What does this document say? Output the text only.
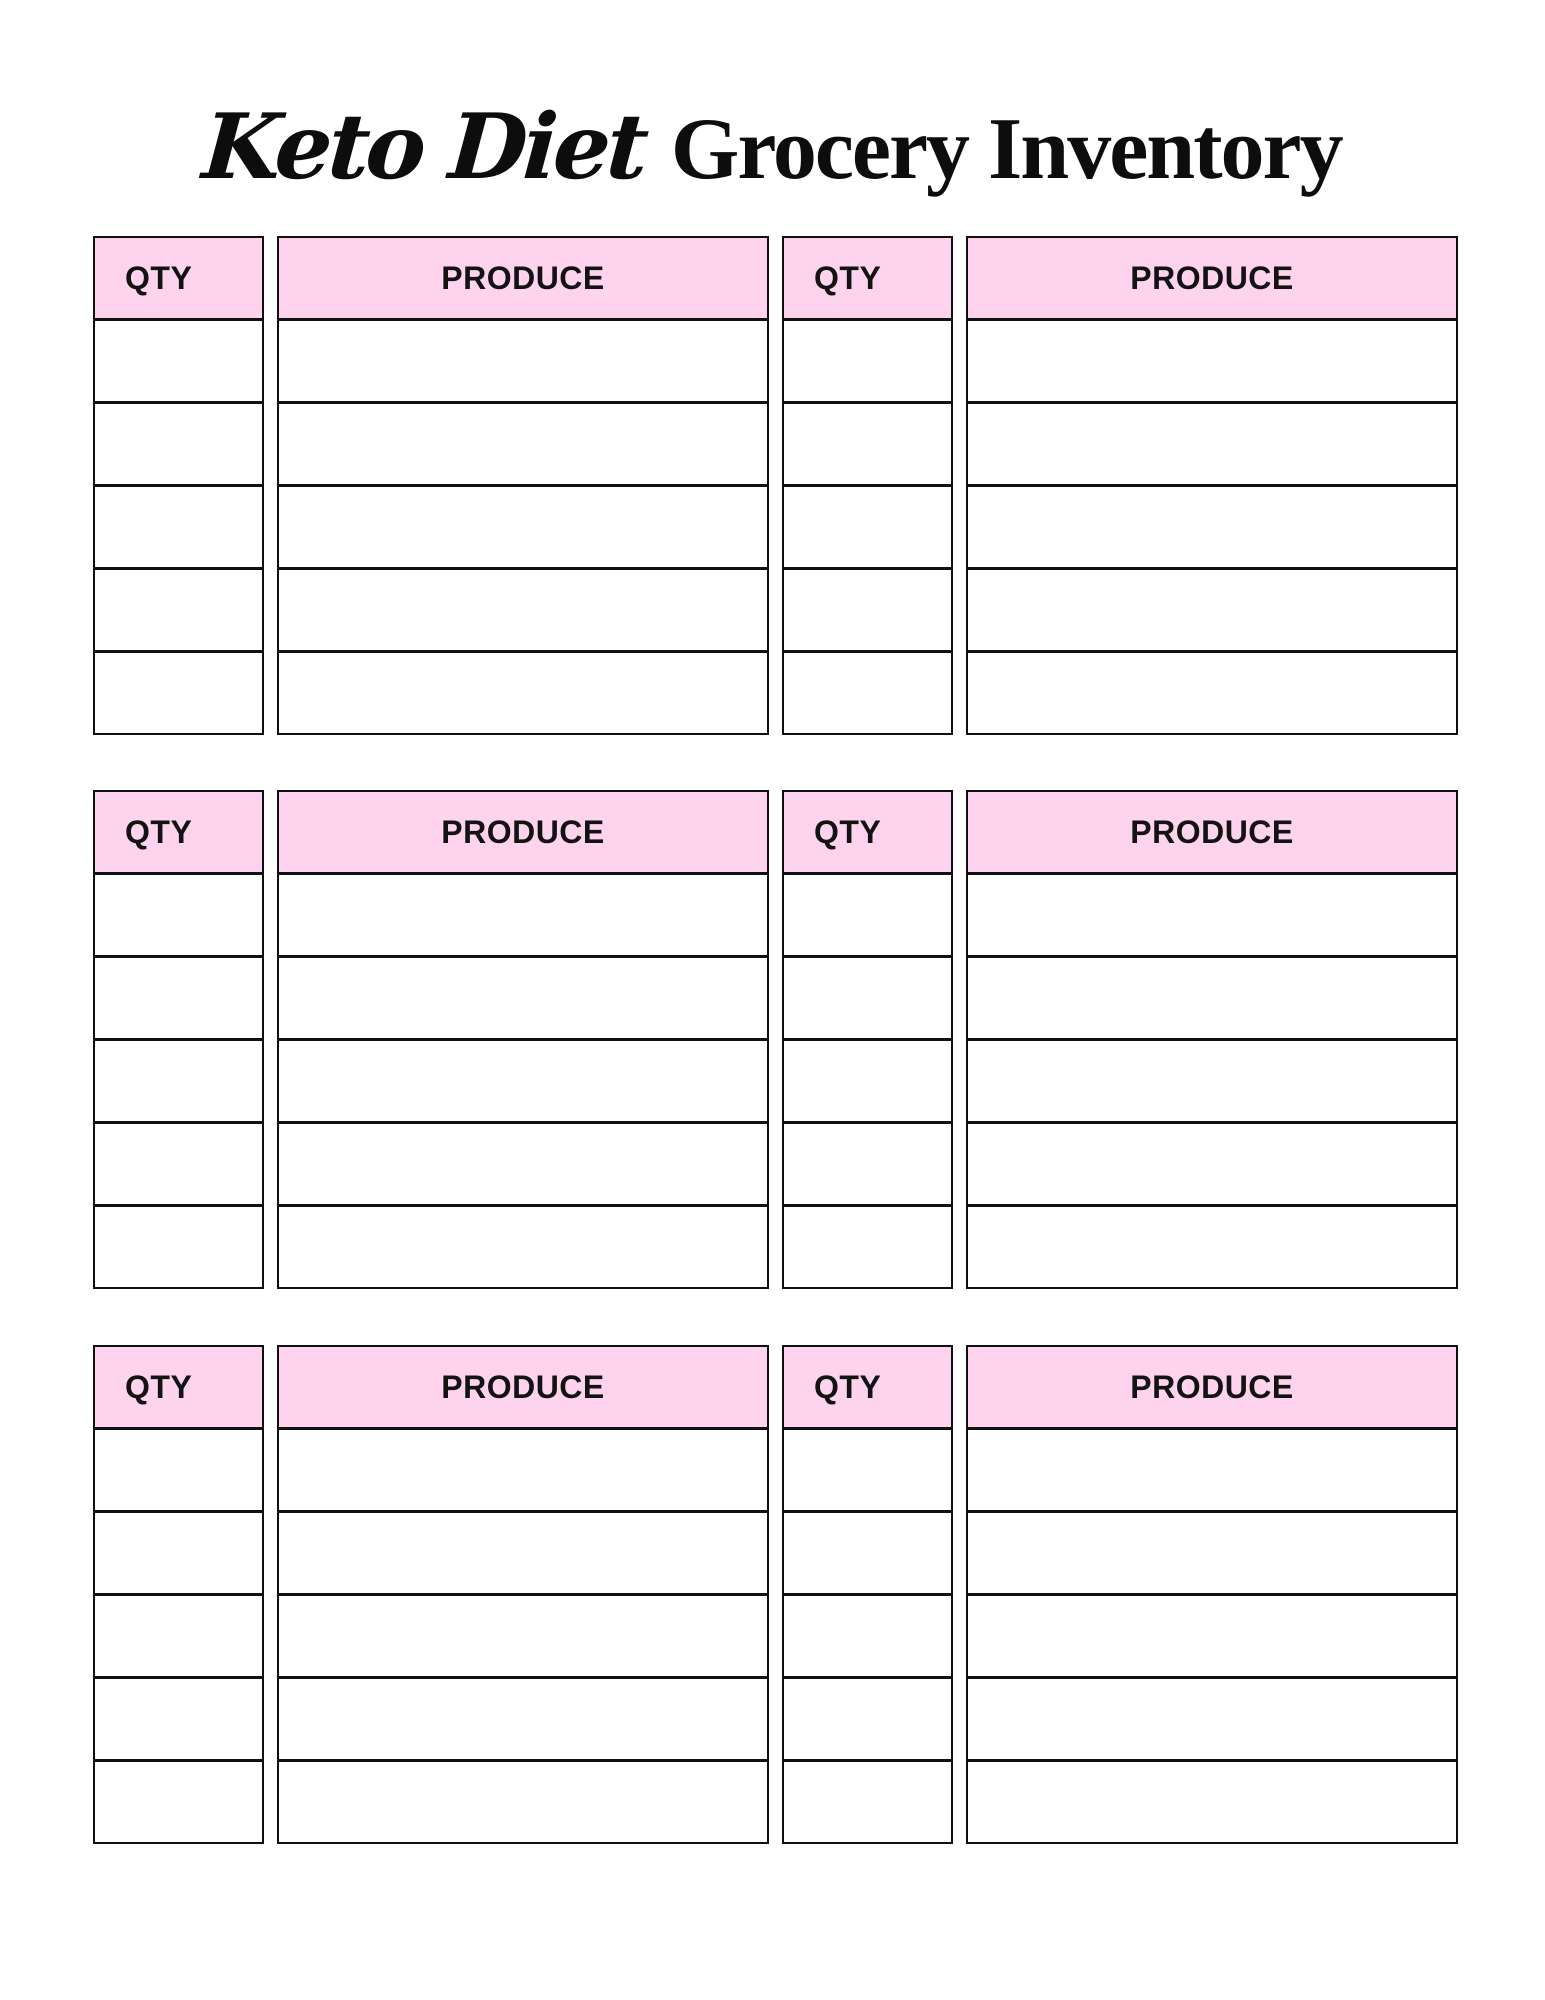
Keto Diet Grocery Inventory
QTY	PRODUCE	QTY	PRODUCE
QTY	PRODUCE	QTY	PRODUCE
QTY	PRODUCE	QTY	PRODUCE
